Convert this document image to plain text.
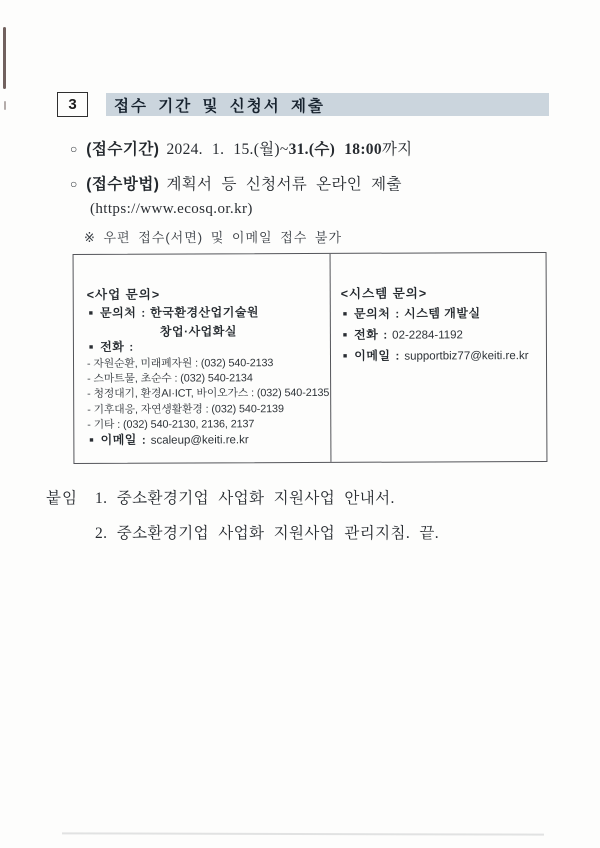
3	접수 기간 및 신청서 제출
○ (접수기간) 2024. 1. 15.(월)~31.(수) 18:00까지
○ (접수방법) 계획서 등 신청서류 온라인 제출
(https://www.ecosq.or.kr)
※ 우편 접수(서면) 및 이메일 접수 불가
<사업 문의>
■ 문의처 : 한국환경산업기술원
창업·사업화실
■ 전화 :
- 자원순환, 미래폐자원 : (032) 540-2133
- 스마트물, 초순수 : (032) 540-2134
- 청정대기, 환경AI·ICT, 바이오가스 : (032) 540-2135
- 기후대응, 자연생활환경 : (032) 540-2139
- 기타 : (032) 540-2130, 2136, 2137
■ 이메일 : scaleup@keiti.re.kr
<시스템 문의>
■ 문의처 : 시스템 개발실
■ 전화 : 02-2284-1192
■ 이메일 : supportbiz77@keiti.re.kr
붙임 1. 중소환경기업 사업화 지원사업 안내서.
2. 중소환경기업 사업화 지원사업 관리지침. 끝.
